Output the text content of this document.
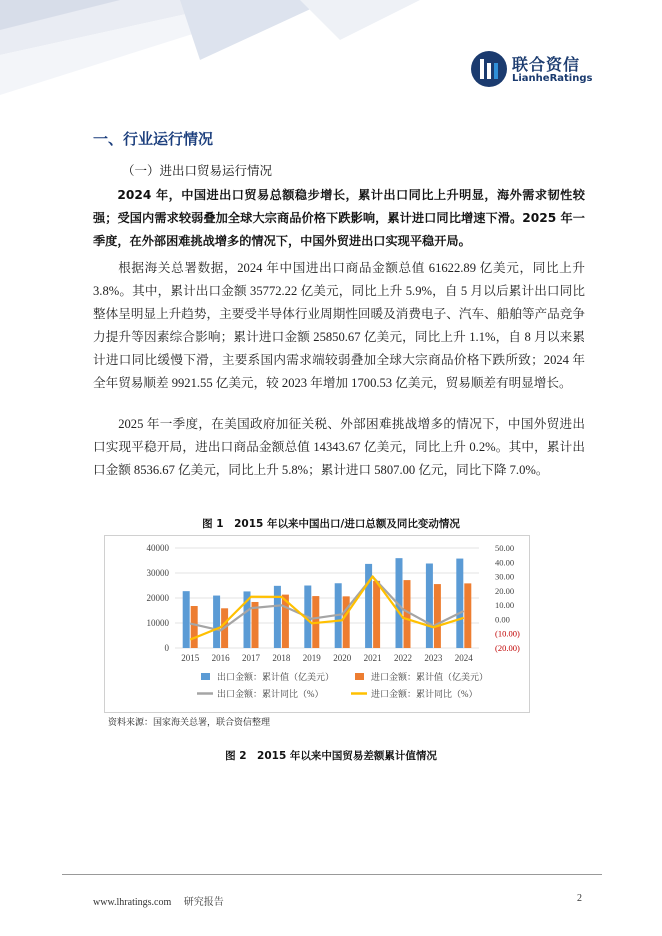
联合资信
LianheRatings
一、行业运行情况
（一）进出口贸易运行情况

2024 年，中国进出口贸易总额稳步增长，累计出口同比上升明显，海外需求韧性较强；受国内需求较弱叠加全球大宗商品价格下跌影响，累计进口同比增速下滑。2025 年一季度，在外部困难挑战增多的情况下，中国外贸进出口实现平稳开局。

根据海关总署数据，2024 年中国进出口商品金额总值 61622.89 亿美元，同比上升 3.8%。其中，累计出口金额 35772.22 亿美元，同比上升 5.9%，自 5 月以后累计出口同比整体呈明显上升趋势，主要受半导体行业周期性回暖及消费电子、汽车、船舶等产品竞争力提升等因素综合影响；累计进口金额 25850.67 亿美元，同比上升 1.1%，自 8 月以来累计进口同比缓慢下滑，主要系国内需求端较弱叠加全球大宗商品价格下跌所致；2024 年全年贸易顺差 9921.55 亿美元，较 2023 年增加 1700.53 亿美元，贸易顺差有明显增长。

2025 年一季度，在美国政府加征关税、外部困难挑战增多的情况下，中国外贸进出口实现平稳开局，进出口商品金额总值 14343.67 亿美元，同比上升 0.2%。其中，累计出口金额 8536.67 亿美元，同比上升 5.8%；累计进口 5807.00 亿元，同比下降 7.0%。

图 1　2015 年以来中国出口/进口总额及同比变动情况
0
10000
20000
30000
40000
(20.00)
(10.00)
0.00
10.00
20.00
30.00
40.00
50.00
2015 2016 2017 2018 2019 2020 2021 2022 2023 2024
出口金额：累计值（亿美元）	进口金额：累计值（亿美元）
出口金额：累计同比（%）	进口金额：累计同比（%）
资料来源：国家海关总署，联合资信整理
图 2　2015 年以来中国贸易差额累计值情况
www.lhratings.com　 研究报告	2
